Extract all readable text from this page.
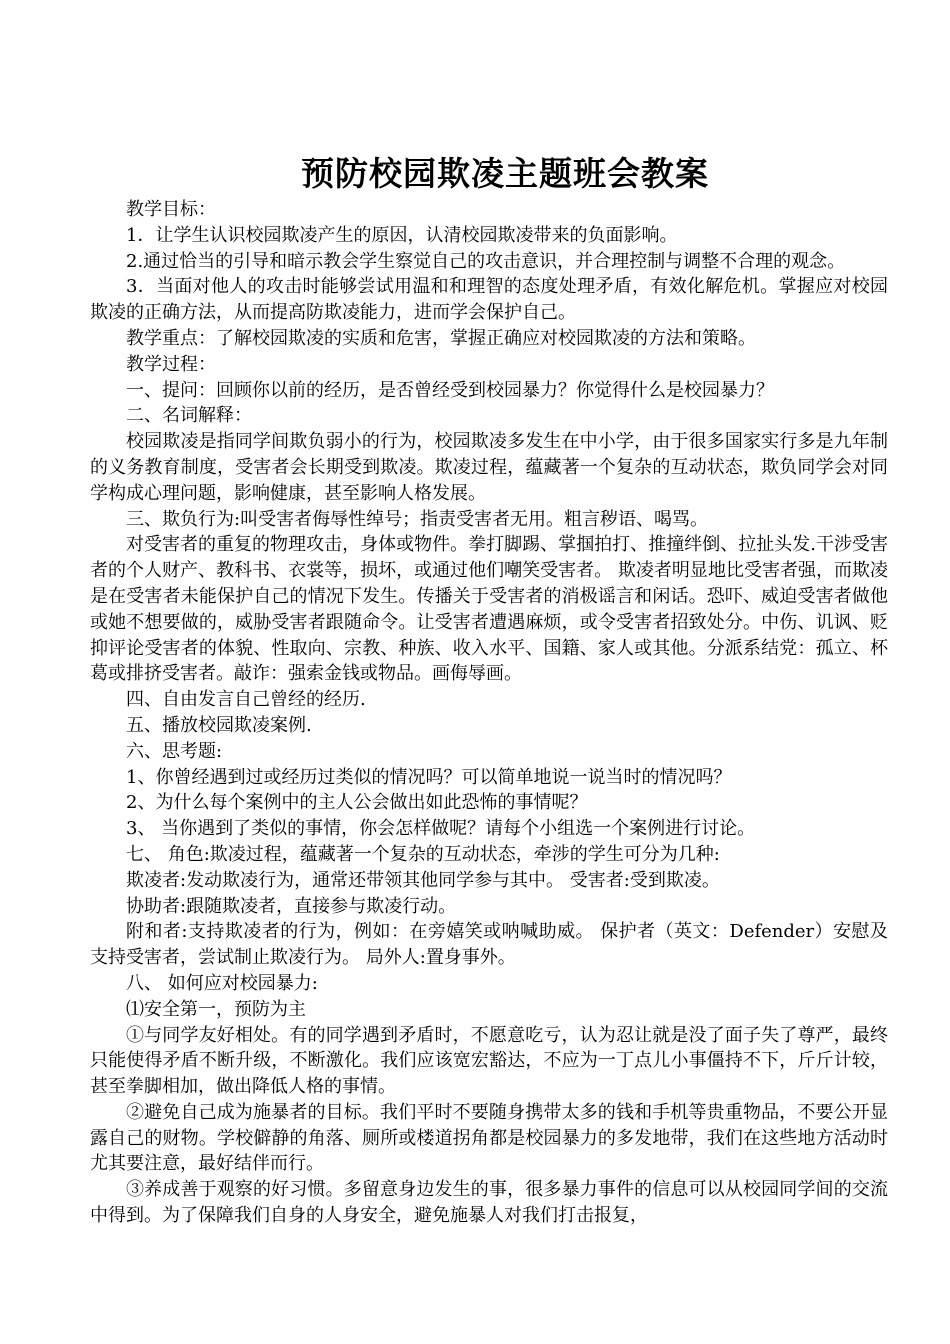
预防校园欺凌主题班会教案

教学目标：

1．让学生认识校园欺凌产生的原因，认清校园欺凌带来的负面影响。

2.通过恰当的引导和暗示教会学生察觉自己的攻击意识，并合理控制与调整不合理的观念。

3．当面对他人的攻击时能够尝试用温和和理智的态度处理矛盾，有效化解危机。掌握应对校园欺凌的正确方法，从而提高防欺凌能力，进而学会保护自己。

教学重点：了解校园欺凌的实质和危害，掌握正确应对校园欺凌的方法和策略。

教学过程：

一、提问：回顾你以前的经历，是否曾经受到校园暴力？你觉得什么是校园暴力？

二、名词解释：

校园欺凌是指同学间欺负弱小的行为，校园欺凌多发生在中小学，由于很多国家实行多是九年制的义务教育制度，受害者会长期受到欺凌。欺凌过程，蕴藏著一个复杂的互动状态，欺负同学会对同学构成心理问题，影响健康，甚至影响人格发展。

三、欺负行为:叫受害者侮辱性绰号；指责受害者无用。粗言秽语、喝骂。

对受害者的重复的物理攻击，身体或物件。拳打脚踢、掌掴拍打、推撞绊倒、拉扯头发.干涉受害者的个人财产、教科书、衣裳等，损坏，或通过他们嘲笑受害者。 欺凌者明显地比受害者强，而欺凌是在受害者未能保护自己的情况下发生。传播关于受害者的消极谣言和闲话。恐吓、威迫受害者做他或她不想要做的，威胁受害者跟随命令。让受害者遭遇麻烦，或令受害者招致处分。中伤、讥讽、贬抑评论受害者的体貌、性取向、宗教、种族、收入水平、国籍、家人或其他。分派系结党：孤立、杯葛或排挤受害者。敲诈：强索金钱或物品。画侮辱画。

四、自由发言自己曾经的经历.

五、播放校园欺凌案例.

六、思考题:

1、你曾经遇到过或经历过类似的情况吗？可以简单地说一说当时的情况吗？

2、为什么每个案例中的主人公会做出如此恐怖的事情呢？

3、 当你遇到了类似的事情，你会怎样做呢？请每个小组选一个案例进行讨论。

七、 角色:欺凌过程，蕴藏著一个复杂的互动状态，牵涉的学生可分为几种:

欺凌者:发动欺凌行为，通常还带领其他同学参与其中。 受害者:受到欺凌。

协助者:跟随欺凌者，直接参与欺凌行动。

附和者:支持欺凌者的行为，例如：在旁嬉笑或呐喊助威。 保护者（英文：Defender）安慰及支持受害者，尝试制止欺凌行为。 局外人:置身事外。

八、 如何应对校园暴力:

⑴安全第一，预防为主

①与同学友好相处。有的同学遇到矛盾时，不愿意吃亏，认为忍让就是没了面子失了尊严，最终只能使得矛盾不断升级，不断激化。我们应该宽宏豁达，不应为一丁点儿小事僵持不下，斤斤计较，甚至拳脚相加，做出降低人格的事情。

②避免自己成为施暴者的目标。我们平时不要随身携带太多的钱和手机等贵重物品，不要公开显露自己的财物。学校僻静的角落、厕所或楼道拐角都是校园暴力的多发地带，我们在这些地方活动时尤其要注意，最好结伴而行。

③养成善于观察的好习惯。多留意身边发生的事，很多暴力事件的信息可以从校园同学间的交流中得到。为了保障我们自身的人身安全，避免施暴人对我们打击报复，
